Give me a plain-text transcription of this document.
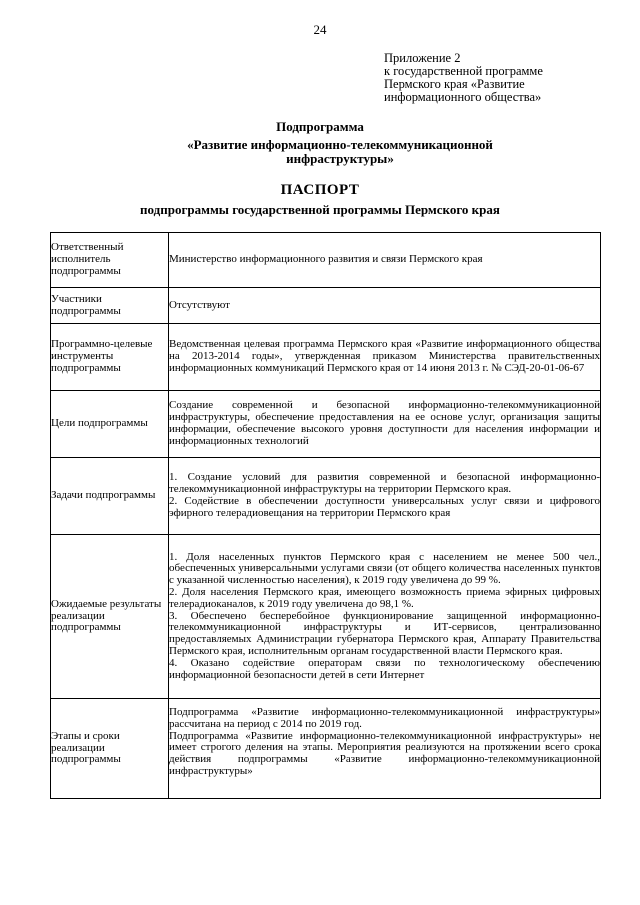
24
Приложение 2
к государственной программе
Пермского края «Развитие
информационного общества»
Подпрограмма
«Развитие информационно-телекоммуникационной инфраструктуры»
ПАСПОРТ
подпрограммы государственной программы Пермского края
Ответственный исполнитель подпрограммы	Министерство информационного развития и связи Пермского края

Участники подпрограммы	Отсутствуют

Программно-целевые инструменты подпрограммы	Ведомственная целевая программа Пермского края «Развитие информационного общества на 2013-2014 годы», утвержденная приказом Министерства правительственных информационных коммуникаций Пермского края от 14 июня 2013 г. № СЭД-20-01-06-67

Цели подпрограммы	Создание современной и безопасной информационно-телекоммуникационной инфраструктуры, обеспечение предоставления на ее основе услуг, организация защиты информации, обеспечение высокого уровня доступности для населения информации и информационных технологий

Задачи подпрограммы	1. Создание условий для развития современной и безопасной информационно-телекоммуникационной инфраструктуры на территории Пермского края.

2. Содействие в обеспечении доступности универсальных услуг связи и цифрового эфирного телерадиовещания на территории Пермского края

Ожидаемые результаты реализации подпрограммы	1. Доля населенных пунктов Пермского края с населением не менее 500 чел., обеспеченных универсальными услугами связи (от общего количества населенных пунктов с указанной численностью населения), к 2019 году увеличена до 99 %.

2. Доля населения Пермского края, имеющего возможность приема эфирных цифровых телерадиоканалов, к 2019 году увеличена до 98,1 %.

3. Обеспечено бесперебойное функционирование защищенной информационно-телекоммуникационной инфраструктуры и ИТ-сервисов, централизованно предоставляемых Администрации губернатора Пермского края, Аппарату Правительства Пермского края, исполнительным органам государственной власти Пермского края.

4. Оказано содействие операторам связи по технологическому обеспечению информационной безопасности детей в сети Интернет

Этапы и сроки реализации подпрограммы	Подпрограмма «Развитие информационно-телекоммуникационной инфраструктуры» рассчитана на период с 2014 по 2019 год.

Подпрограмма «Развитие информационно-телекоммуникационной инфраструктуры» не имеет строгого деления на этапы. Мероприятия реализуются на протяжении всего срока действия подпрограммы «Развитие информационно-телекоммуникационной инфраструктуры»
